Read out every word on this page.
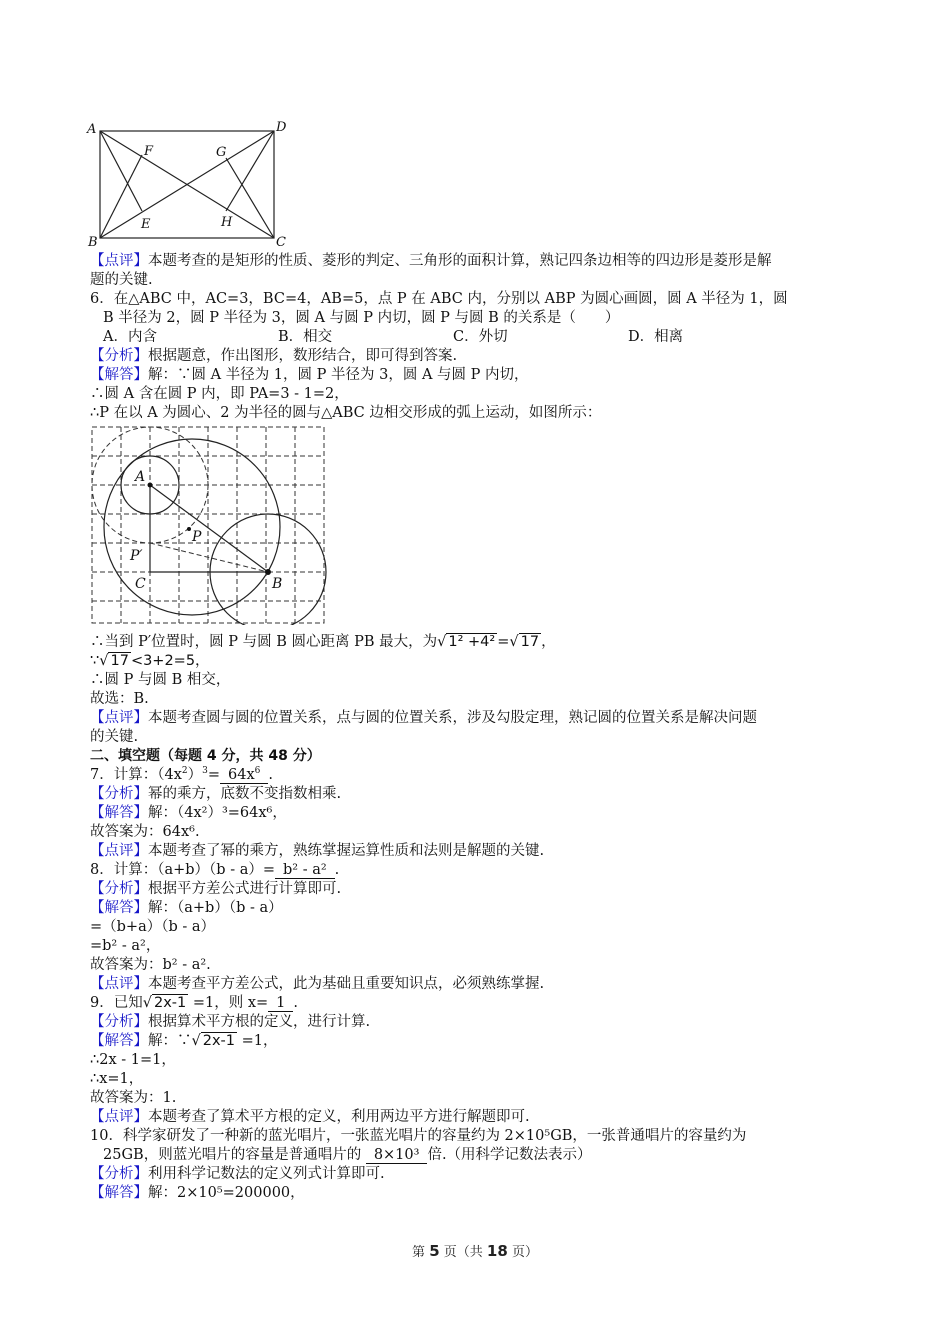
A	D
F	G
E	H
B	C
【点评】本题考查的是矩形的性质、菱形的判定、三角形的面积计算，熟记四条边相等的四边形是菱形是解
题的关键.
6．在△ABC 中，AC=3，BC=4，AB=5，点 P 在 ABC 内，分别以 ABP 为圆心画圆，圆 A 半径为 1，圆
B 半径为 2，圆 P 半径为 3，圆 A 与圆 P 内切，圆 P 与圆 B 的关系是（　　）
A．内含	B．相交	C．外切	D．相离
【分析】根据题意，作出图形，数形结合，即可得到答案.
【解答】解：∵圆 A 半径为 1，圆 P 半径为 3，圆 A 与圆 P 内切，
∴圆 A 含在圆 P 内，即 PA=3 - 1=2，
∴P 在以 A 为圆心、2 为半径的圆与△ABC 边相交形成的弧上运动，如图所示：
A
P
P′
C	B
∴当到 P′位置时，圆 P 与圆 B 圆心距离 PB 最大，为√ 1² +4² =√ 17 ，
∵√ 17 <3+2=5，
∴圆 P 与圆 B 相交，
故选：B.
【点评】本题考查圆与圆的位置关系，点与圆的位置关系，涉及勾股定理，熟记圆的位置关系是解决问题
的关键.
二、填空题（每题 4 分，共 48 分）
7．计算：$(4x^2)^3= 64x^6$ .
【分析】幂的乘方，底数不变指数相乘.
【解答】解：（4x²）³=64x⁶，
故答案为：64x⁶.
【点评】本题考查了幂的乘方，熟练掌握运算性质和法则是解题的关键.
8．计算：（a+b）（b - a）= b² - a² .
【分析】根据平方差公式进行计算即可.
【解答】解：（a+b）（b - a）
=（b+a）（b - a）
=b² - a²，
故答案为：b² - a².
【点评】本题考查平方差公式，此为基础且重要知识点，必须熟练掌握.
9．已知√ 2x-1 =1，则 x= 1 .
【分析】根据算术平方根的定义，进行计算.
【解答】解：∵√ 2x-1 =1，
∴2x - 1=1，
∴x=1，
故答案为：1.
【点评】本题考查了算术平方根的定义，利用两边平方进行解题即可.
10．科学家研发了一种新的蓝光唱片，一张蓝光唱片的容量约为 2×10⁵GB，一张普通唱片的容量约为
25GB，则蓝光唱片的容量是普通唱片的 8×10³ 倍.（用科学记数法表示）
【分析】利用科学记数法的定义列式计算即可.
【解答】解：2×10⁵=200000，
第 5 页（共 18 页）
